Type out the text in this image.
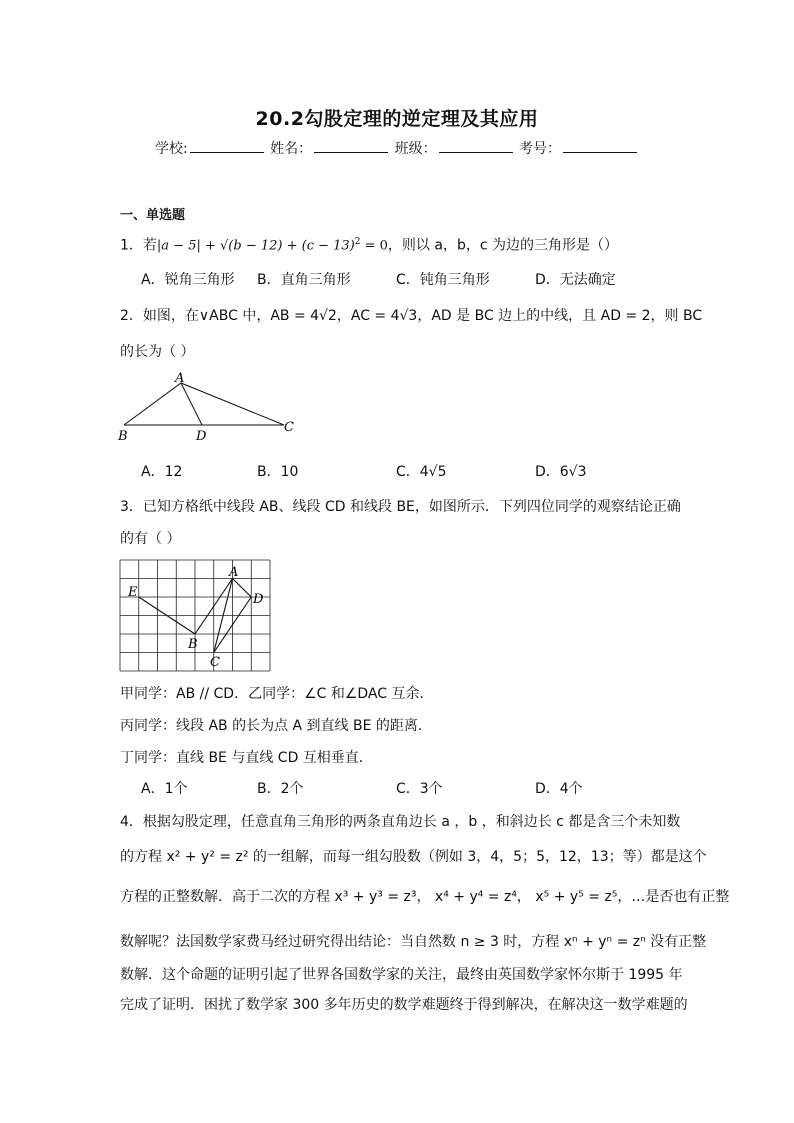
20.2勾股定理的逆定理及其应用
学校:	姓名：	班级：	考号：
一、单选题
1．若$|a - 5| + √(b - 12) + (c - 13)^2 = 0$，则以 a，b，c 为边的三角形是（）
A．锐角三角形 B．直角三角形	C．钝角三角形	D．无法确定
2．如图，在∨ABC 中，AB = 4√2，AC = 4√3，AD 是 BC 边上的中线，且 AD = 2，则 BC
的长为（ ）
A
B	D
C
A．12	B．10	C．4√5	D．6√3
3．已知方格纸中线段 AB、线段 CD 和线段 BE，如图所示．下列四位同学的观察结论正确
的有（ ）
E
A
D
B
C
甲同学：AB // CD．乙同学：∠C 和∠DAC 互余．
丙同学：线段 AB 的长为点 A 到直线 BE 的距离．
丁同学：直线 BE 与直线 CD 互相垂直．
A．1个	B．2个	C．3个	D．4个
4．根据勾股定理，任意直角三角形的两条直角边长 a ，b ，和斜边长 c 都是含三个未知数
的方程 x² + y² = z² 的一组解，而每一组勾股数（例如 3，4，5；5，12，13；等）都是这个
方程的正整数解．高于二次的方程 x³ + y³ = z³， x⁴ + y⁴ = z⁴， x⁵ + y⁵ = z⁵，…是否也有正整
数解呢？法国数学家费马经过研究得出结论：当自然数 n ≥ 3 时，方程 xⁿ + yⁿ = zⁿ 没有正整
数解．这个命题的证明引起了世界各国数学家的关注，最终由英国数学家怀尔斯于 1995 年
完成了证明．困扰了数学家 300 多年历史的数学难题终于得到解决，在解决这一数学难题的
